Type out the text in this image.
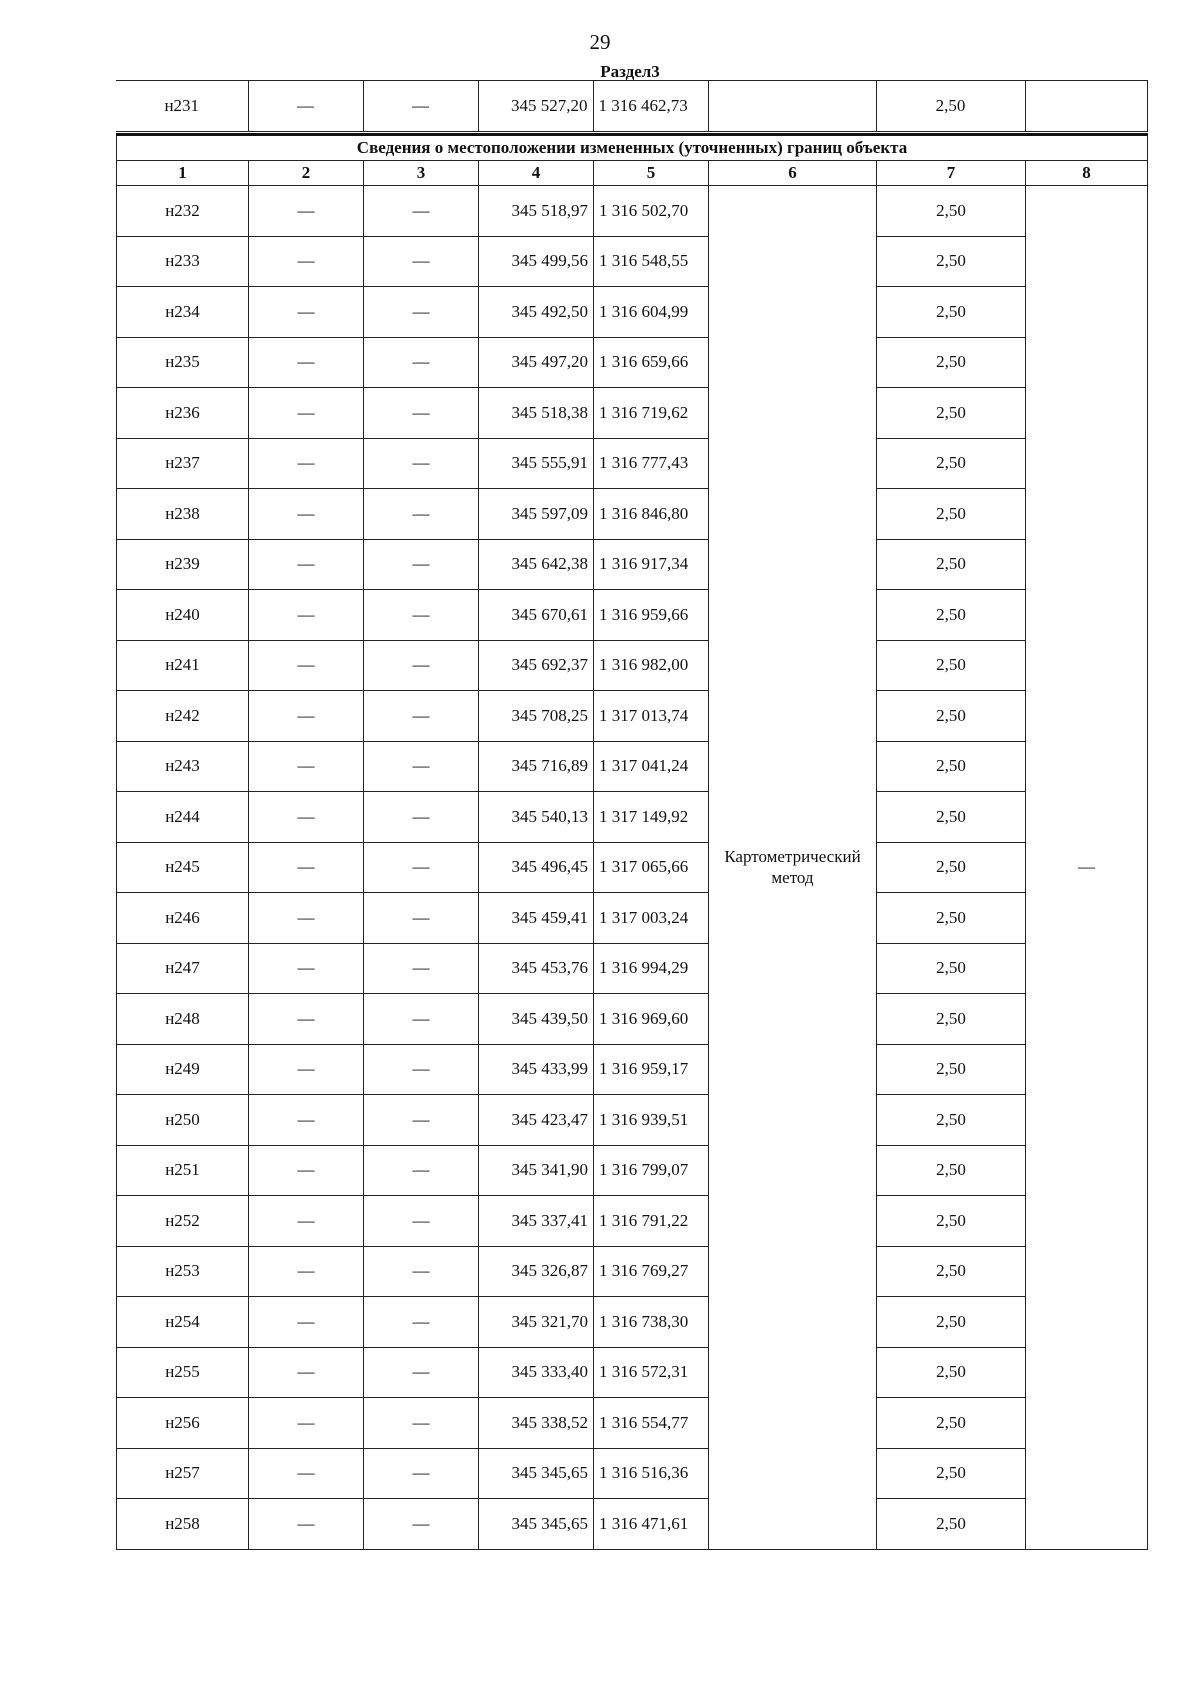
29
Раздел3
н231	—	—	345 527,20	1 316 462,73		2,50	
Сведения о местоположении измененных (уточненных) границ объекта							
1	2	3	4	5	6	7	8
н232	—	—	345 518,97	1 316 502,70	Картометрический метод	2,50	—
н233	—	—	345 499,56	1 316 548,55		2,50	
н234	—	—	345 492,50	1 316 604,99		2,50	
н235	—	—	345 497,20	1 316 659,66		2,50	
н236	—	—	345 518,38	1 316 719,62		2,50	
н237	—	—	345 555,91	1 316 777,43		2,50	
н238	—	—	345 597,09	1 316 846,80		2,50	
н239	—	—	345 642,38	1 316 917,34		2,50	
н240	—	—	345 670,61	1 316 959,66		2,50	
н241	—	—	345 692,37	1 316 982,00		2,50	
н242	—	—	345 708,25	1 317 013,74		2,50	
н243	—	—	345 716,89	1 317 041,24		2,50	
н244	—	—	345 540,13	1 317 149,92		2,50	
н245	—	—	345 496,45	1 317 065,66		2,50	
н246	—	—	345 459,41	1 317 003,24		2,50	
н247	—	—	345 453,76	1 316 994,29		2,50	
н248	—	—	345 439,50	1 316 969,60		2,50	
н249	—	—	345 433,99	1 316 959,17		2,50	
н250	—	—	345 423,47	1 316 939,51		2,50	
н251	—	—	345 341,90	1 316 799,07		2,50	
н252	—	—	345 337,41	1 316 791,22		2,50	
н253	—	—	345 326,87	1 316 769,27		2,50	
н254	—	—	345 321,70	1 316 738,30		2,50	
н255	—	—	345 333,40	1 316 572,31		2,50	
н256	—	—	345 338,52	1 316 554,77		2,50	
н257	—	—	345 345,65	1 316 516,36		2,50	
н258	—	—	345 345,65	1 316 471,61		2,50	
